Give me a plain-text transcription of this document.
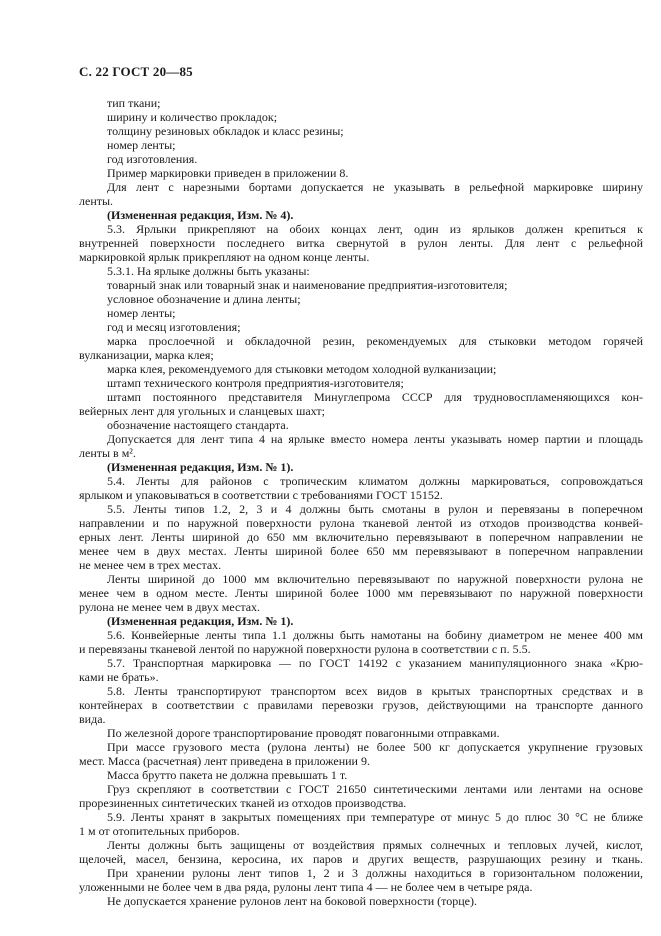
С. 22 ГОСТ 20—85
тип ткани;
ширину и количество прокладок;
толщину резиновых обкладок и класс резины;
номер ленты;
год изготовления.
Пример маркировки приведен в приложении 8.
Для лент с нарезными бортами допускается не указывать в рельефной маркировке ширину
ленты.
(Измененная редакция, Изм. № 4).
5.3. Ярлыки прикрепляют на обоих концах лент, один из ярлыков должен крепиться к
внутренней поверхности последнего витка свернутой в рулон ленты. Для лент с рельефной
маркировкой ярлык прикрепляют на одном конце ленты.
5.3.1. На ярлыке должны быть указаны:
товарный знак или товарный знак и наименование предприятия-изготовителя;
условное обозначение и длина ленты;
номер ленты;
год и месяц изготовления;
марка прослоечной и обкладочной резин, рекомендуемых для стыковки методом горячей
вулканизации, марка клея;
марка клея, рекомендуемого для стыковки методом холодной вулканизации;
штамп технического контроля предприятия-изготовителя;
штамп постоянного представителя Минуглепрома СССР для трудновоспламеняющихся кон-
вейерных лент для угольных и сланцевых шахт;
обозначение настоящего стандарта.
Допускается для лент типа 4 на ярлыке вместо номера ленты указывать номер партии и площадь
ленты в м².
(Измененная редакция, Изм. № 1).
5.4. Ленты для районов с тропическим климатом должны маркироваться, сопровождаться
ярлыком и упаковываться в соответствии с требованиями ГОСТ 15152.
5.5. Ленты типов 1.2, 2, 3 и 4 должны быть смотаны в рулон и перевязаны в поперечном
направлении и по наружной поверхности рулона тканевой лентой из отходов производства конвей-
ерных лент. Ленты шириной до 650 мм включительно перевязывают в поперечном направлении не
менее чем в двух местах. Ленты шириной более 650 мм перевязывают в поперечном направлении
не менее чем в трех местах.
Ленты шириной до 1000 мм включительно перевязывают по наружной поверхности рулона не
менее чем в одном месте. Ленты шириной более 1000 мм перевязывают по наружной поверхности
рулона не менее чем в двух местах.
(Измененная редакция, Изм. № 1).
5.6. Конвейерные ленты типа 1.1 должны быть намотаны на бобину диаметром не менее 400 мм
и перевязаны тканевой лентой по наружной поверхности рулона в соответствии с п. 5.5.
5.7. Транспортная маркировка — по ГОСТ 14192 с указанием манипуляционного знака «Крю-
ками не брать».
5.8. Ленты транспортируют транспортом всех видов в крытых транспортных средствах и в
контейнерах в соответствии с правилами перевозки грузов, действующими на транспорте данного
вида.
По железной дороге транспортирование проводят повагонными отправками.
При массе грузового места (рулона ленты) не более 500 кг допускается укрупнение грузовых
мест. Масса (расчетная) лент приведена в приложении 9.
Масса брутто пакета не должна превышать 1 т.
Груз скрепляют в соответствии с ГОСТ 21650 синтетическими лентами или лентами на основе
прорезиненных синтетических тканей из отходов производства.
5.9. Ленты хранят в закрытых помещениях при температуре от минус 5 до плюс 30 °С не ближе
1 м от отопительных приборов.
Ленты должны быть защищены от воздействия прямых солнечных и тепловых лучей, кислот,
щелочей, масел, бензина, керосина, их паров и других веществ, разрушающих резину и ткань.
При хранении рулоны лент типов 1, 2 и 3 должны находиться в горизонтальном положении,
уложенными не более чем в два ряда, рулоны лент типа 4 — не более чем в четыре ряда.
Не допускается хранение рулонов лент на боковой поверхности (торце).
